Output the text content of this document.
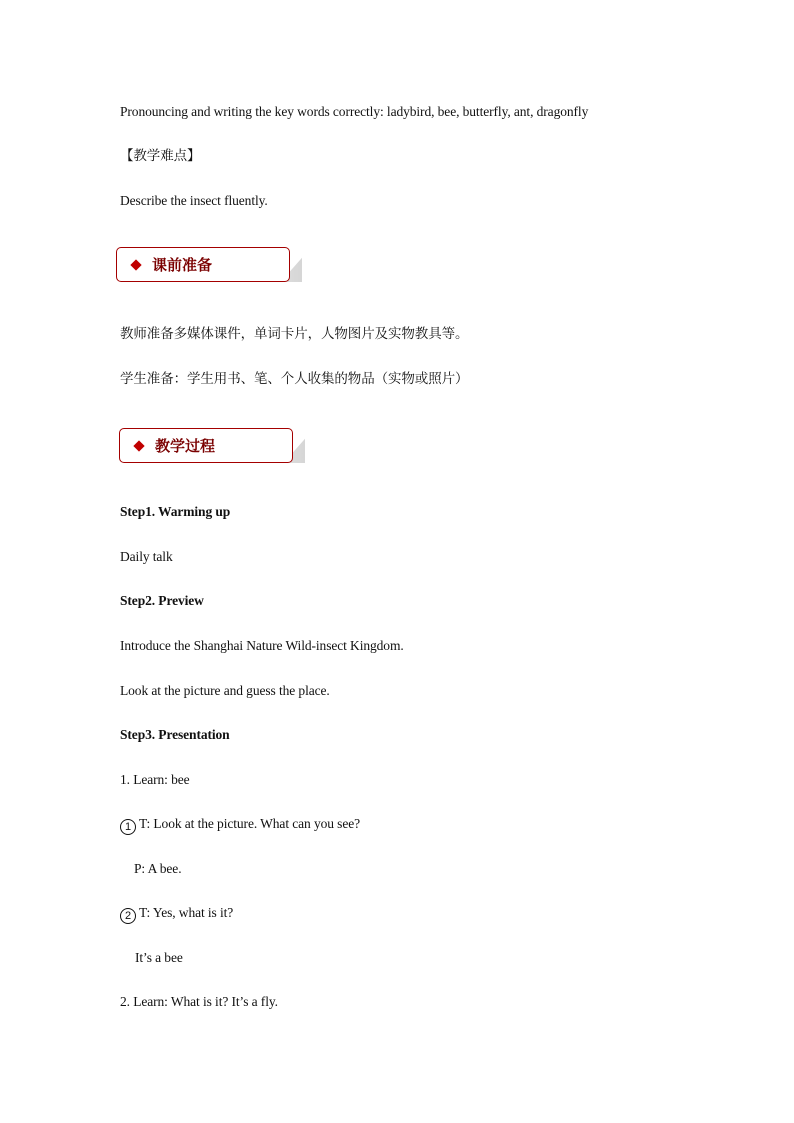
Pronouncing and writing the key words correctly: ladybird, bee, butterfly, ant, dragonfly
【教学难点】
Describe the insect fluently.
课前准备
教师准备多媒体课件，单词卡片，人物图片及实物教具等。
学生准备：学生用书、笔、个人收集的物品（实物或照片）
教学过程
Step1. Warming up
Daily talk
Step2. Preview
Introduce the Shanghai Nature Wild-insect Kingdom.
Look at the picture and guess the place.
Step3. Presentation
1. Learn: bee
1 T: Look at the picture. What can you see?
P: A bee.
2 T: Yes, what is it?
It’s a bee
2. Learn: What is it? It’s a fly.
